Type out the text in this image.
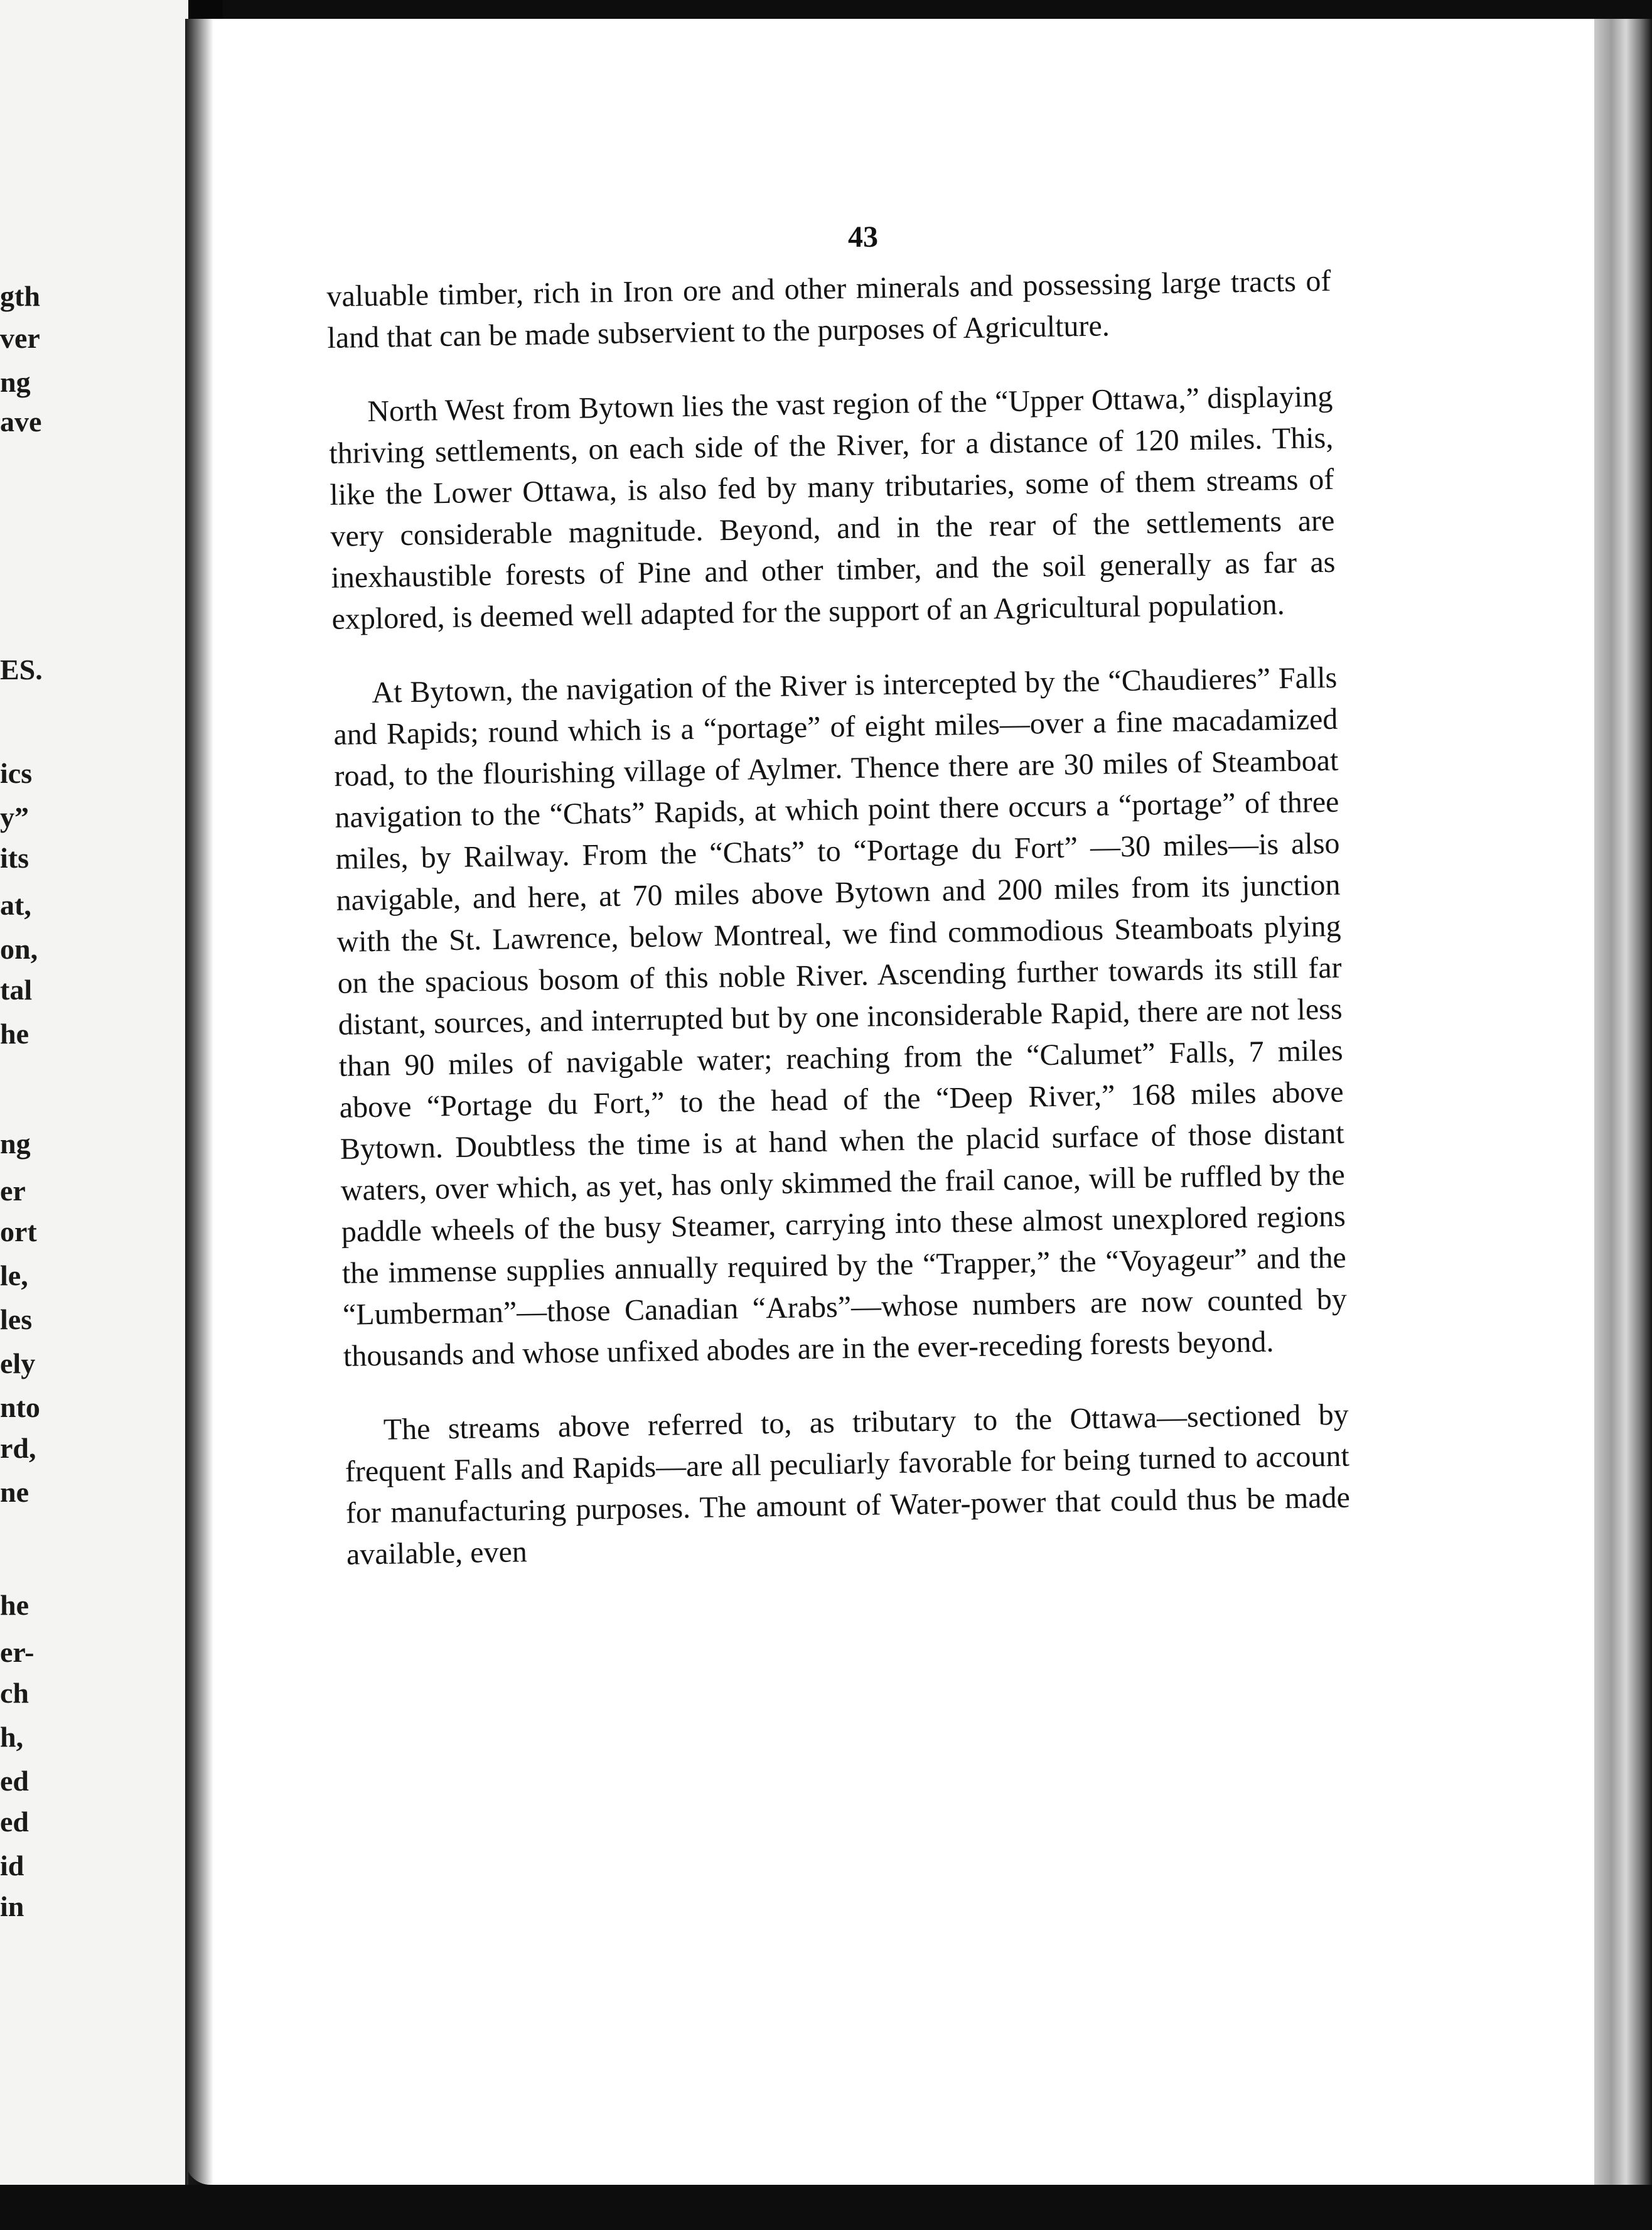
gth
ver
ng
ave
ES.
ics
y”
its
at,
on,
tal
he
ng
er
ort
le,
les
ely
nto
rd,
ne
he
er-
ch
h,
ed
ed
id
in
43

valuable timber, rich in Iron ore and other minerals and possessing large tracts of land that can be made subservient to the purposes of Agriculture.

North West from Bytown lies the vast region of the “Upper Ottawa,” displaying thriving settlements, on each side of the River, for a distance of 120 miles. This, like the Lower Ottawa, is also fed by many tributaries, some of them streams of very considerable magnitude. Beyond, and in the rear of the settlements are inexhaustible forests of Pine and other timber, and the soil generally as far as explored, is deemed well adapted for the support of an Agricultural population.

At Bytown, the navigation of the River is intercepted by the “Chaudieres” Falls and Rapids; round which is a “portage” of eight miles—over a fine macadamized road, to the flourishing village of Aylmer. Thence there are 30 miles of Steamboat navigation to the “Chats” Rapids, at which point there occurs a “portage” of three miles, by Railway. From the “Chats” to “Portage du Fort” —30 miles—is also navigable, and here, at 70 miles above Bytown and 200 miles from its junction with the St. Lawrence, below Montreal, we find commodious Steamboats plying on the spacious bosom of this noble River. Ascending further towards its still far distant, sources, and interrupted but by one inconsiderable Rapid, there are not less than 90 miles of navigable water; reaching from the “Calumet” Falls, 7 miles above “Portage du Fort,” to the head of the “Deep River,” 168 miles above Bytown. Doubtless the time is at hand when the placid surface of those distant waters, over which, as yet, has only skimmed the frail canoe, will be ruffled by the paddle wheels of the busy Steamer, carrying into these almost unexplored regions the immense supplies annually required by the “Trapper,” the “Voyageur” and the “Lumberman”—those Canadian “Arabs”—whose numbers are now counted by thousands and whose unfixed abodes are in the ever-receding forests beyond.

The streams above referred to, as tributary to the Ottawa—sectioned by frequent Falls and Rapids—are all peculiarly favorable for being turned to account for manufacturing purposes. The amount of Water-power that could thus be made available, even
